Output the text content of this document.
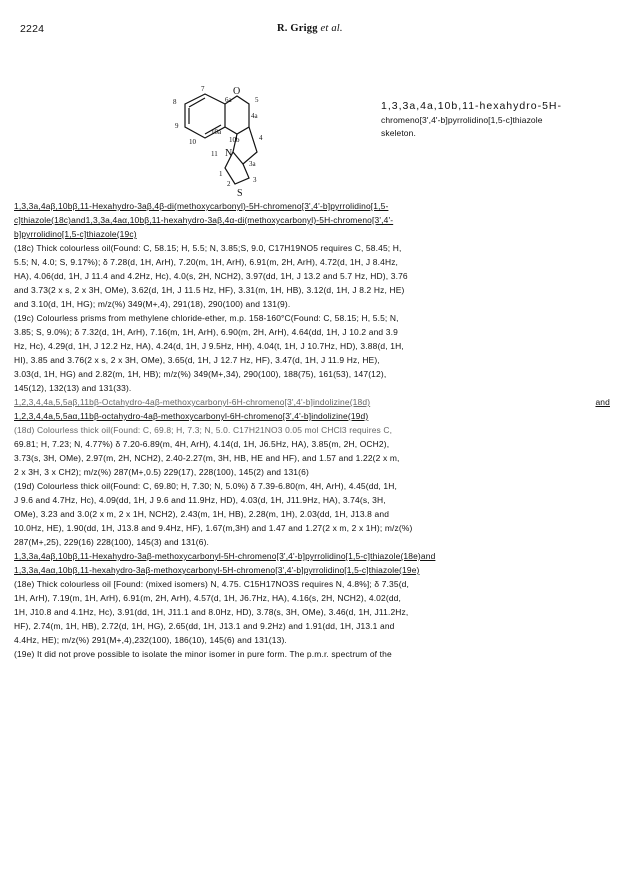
2224	R. Grigg et al.
7
6a
O
5
8
4a
9
10a
10b	4
10
11 N
3a
1
2
S
3
1,3,3a,4a,10b,11-hexahydro-5H-
chromeno[3',4'-b]pyrrolidino[1,5-c]thiazole
skeleton.
1,3,3a,4aβ,10bβ,11-Hexahydro-3aβ,4β-di(methoxycarbonyl)-5H-chromeno[3',4'-b]pyrrolidino[1,5-
c]thiazole(18c)and1,3,3a,4aα,10bβ,11-hexahydro-3aβ,4α-di(methoxycarbonyl)-5H-chromeno[3',4'-
b]pyrrolidino[1,5-c]thiazole(19c)
(18c) Thick colourless oil(Found: C, 58.15; H, 5.5; N, 3.85;S, 9.0, C17H19NO5 requires C, 58.45; H,
5.5; N, 4.0; S, 9.17%); δ 7.28(d, 1H, ArH), 7.20(m, 1H, ArH), 6.91(m, 2H, ArH), 4.72(d, 1H, J 8.4Hz,
HA), 4.06(dd, 1H, J 11.4 and 4.2Hz, Hc), 4.0(s, 2H, NCH2), 3.97(dd, 1H, J 13.2 and 5.7 Hz, HD), 3.76
and 3.73(2 x s, 2 x 3H, OMe), 3.62(d, 1H, J 11.5 Hz, HF), 3.31(m, 1H, HB), 3.12(d, 1H, J 8.2 Hz, HE)
and 3.10(d, 1H, HG); m/z(%) 349(M+,4), 291(18), 290(100) and 131(9).
(19c) Colourless prisms from methylene chloride-ether, m.p. 158-160°C(Found: C, 58.15; H, 5.5; N,
3.85; S, 9.0%); δ 7.32(d, 1H, ArH), 7.16(m, 1H, ArH), 6.90(m, 2H, ArH), 4.64(dd, 1H, J 10.2 and 3.9
Hz, Hc), 4.29(d, 1H, J 12.2 Hz, HA), 4.24(d, 1H, J 9.5Hz, HH), 4.04(t, 1H, J 10.7Hz, HD), 3.88(d, 1H,
HI), 3.85 and 3.76(2 x s, 2 x 3H, OMe), 3.65(d, 1H, J 12.7 Hz, HF), 3.47(d, 1H, J 11.9 Hz, HE),
3.03(d, 1H, HG) and 2.82(m, 1H, HB); m/z(%) 349(M+,34), 290(100), 188(75), 161(53), 147(12),
145(12), 132(13) and 131(33).
1,2,3,4,4a,5,5aβ,11bβ-Octahydro-4aβ-methoxycarbonyl-6H-chromeno[3',4'-b]indolizine(18d)	and
1,2,3,4,4a,5,5aα,11bβ-octahydro-4aβ-methoxycarbonyl-6H-chromeno[3',4'-b]indolizine(19d)
(18d) Colourless thick oil(Found: C, 69.8; H, 7.3; N, 5.0. C17H21NO3 0.05 mol CHCl3 requires C,
69.81; H, 7.23; N, 4.77%) δ 7.20-6.89(m, 4H, ArH), 4.14(d, 1H, J6.5Hz, HA), 3.85(m, 2H, OCH2),
3.73(s, 3H, OMe), 2.97(m, 2H, NCH2), 2.40-2.27(m, 3H, HB, HE and HF), and 1.57 and 1.22(2 x m,
2 x 3H, 3 x CH2); m/z(%) 287(M+,0.5) 229(17), 228(100), 145(2) and 131(6)
(19d) Colourless thick oil(Found: C, 69.80; H, 7.30; N, 5.0%) δ 7.39-6.80(m, 4H, ArH), 4.45(dd, 1H,
J 9.6 and 4.7Hz, Hc), 4.09(dd, 1H, J 9.6 and 11.9Hz, HD), 4.03(d, 1H, J11.9Hz, HA), 3.74(s, 3H,
OMe), 3.23 and 3.0(2 x m, 2 x 1H, NCH2), 2.43(m, 1H, HB), 2.28(m, 1H), 2.03(dd, 1H, J13.8 and
10.0Hz, HE), 1.90(dd, 1H, J13.8 and 9.4Hz, HF), 1.67(m,3H) and 1.47 and 1.27(2 x m, 2 x 1H); m/z(%)
287(M+,25), 229(16) 228(100), 145(3) and 131(6).
1,3,3a,4aβ,10bβ,11-Hexahydro-3aβ-methoxycarbonyl-5H-chromeno[3',4'-b]pyrrolidino[1,5-c]thiazole(18e)and
1,3,3a,4aα,10bβ,11-hexahydro-3aβ-methoxycarbonyl-5H-chromeno[3',4'-b]pyrrolidino[1,5-c]thiazole(19e)
(18e) Thick colourless oil [Found: (mixed isomers) N, 4.75. C15H17NO3S requires N, 4.8%]; δ 7.35(d,
1H, ArH), 7.19(m, 1H, ArH), 6.91(m, 2H, ArH), 4.57(d, 1H, J6.7Hz, HA), 4.16(s, 2H, NCH2), 4.02(dd,
1H, J10.8 and 4.1Hz, Hc), 3.91(dd, 1H, J11.1 and 8.0Hz, HD), 3.78(s, 3H, OMe), 3.46(d, 1H, J11.2Hz,
HF), 2.74(m, 1H, HB), 2.72(d, 1H, HG), 2.65(dd, 1H, J13.1 and 9.2Hz) and 1.91(dd, 1H, J13.1 and
4.4Hz, HE); m/z(%) 291(M+,4),232(100), 186(10), 145(6) and 131(13).
(19e) It did not prove possible to isolate the minor isomer in pure form. The p.m.r. spectrum of the
